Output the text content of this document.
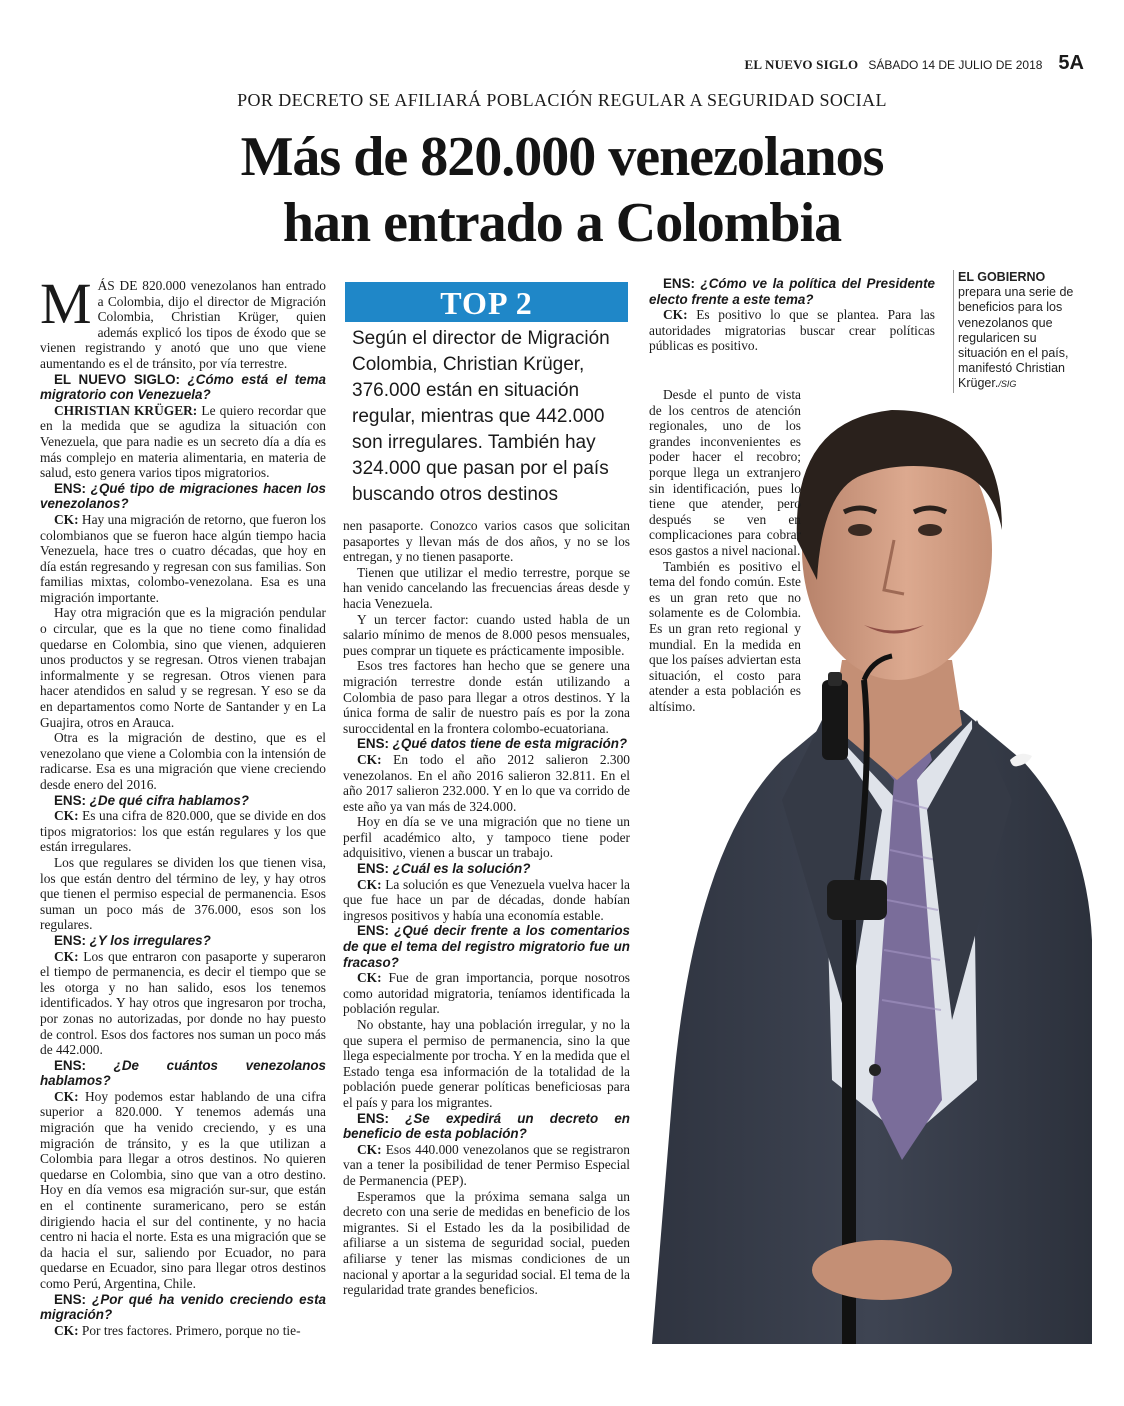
EL NUEVO SIGLO SÁBADO 14 DE JULIO DE 2018 5A
POR DECRETO SE AFILIARÁ POBLACIÓN REGULAR A SEGURIDAD SOCIAL
Más de 820.000 venezolanos
han entrado a Colombia

MÁS DE 820.000 venezolanos han entrado a Colombia, dijo el director de Migración Colombia, Christian Krüger, quien además explicó los tipos de éxodo que se vienen registrando y anotó que uno que viene aumentando es el de tránsito, por vía terrestre.

EL NUEVO SIGLO: ¿Cómo está el tema migratorio con Venezuela?

CHRISTIAN KRÜGER: Le quiero recordar que en la medida que se agudiza la situación con Venezuela, que para nadie es un secreto día a día es más complejo en materia alimentaria, en materia de salud, esto genera varios tipos migratorios.

ENS: ¿Qué tipo de migraciones hacen los venezolanos?

CK: Hay una migración de retorno, que fueron los colombianos que se fueron hace algún tiempo hacia Venezuela, hace tres o cuatro décadas, que hoy en día están regresando y regresan con sus familias. Son familias mixtas, colombo-venezolana. Esa es una migración importante.

Hay otra migración que es la migración pendular o circular, que es la que no tiene como finalidad quedarse en Colombia, sino que vienen, adquieren unos productos y se regresan. Otros vienen trabajan informalmente y se regresan. Otros vienen para hacer atendidos en salud y se regresan. Y eso se da en departamentos como Norte de Santander y en La Guajira, otros en Arauca.

Otra es la migración de destino, que es el venezolano que viene a Colombia con la intensión de radicarse. Esa es una migración que viene creciendo desde enero del 2016.

ENS: ¿De qué cifra hablamos?

CK: Es una cifra de 820.000, que se divide en dos tipos migratorios: los que están regulares y los que están irregulares.

Los que regulares se dividen los que tienen visa, los que están dentro del término de ley, y hay otros que tienen el permiso especial de permanencia. Esos suman un poco más de 376.000, esos son los regulares.

ENS: ¿Y los irregulares?

CK: Los que entraron con pasaporte y superaron el tiempo de permanencia, es decir el tiempo que se les otorga y no han salido, esos los tenemos identificados. Y hay otros que ingresaron por trocha, por zonas no autorizadas, por donde no hay puesto de control. Esos dos factores nos suman un poco más de 442.000.

ENS: ¿De cuántos venezolanos hablamos?

CK: Hoy podemos estar hablando de una cifra superior a 820.000. Y tenemos además una migración que ha venido creciendo, y es una migración de tránsito, y es la que utilizan a Colombia para llegar a otros destinos. No quieren quedarse en Colombia, sino que van a otro destino. Hoy en día vemos esa migración sur-sur, que están en el continente suramericano, pero se están dirigiendo hacia el sur del continente, y no hacia centro ni hacia el norte. Esta es una migración que se da hacia el sur, saliendo por Ecuador, no para quedarse en Ecuador, sino para llegar otros destinos como Perú, Argentina, Chile.

ENS: ¿Por qué ha venido creciendo esta migración?

CK: Por tres factores. Primero, porque no tie-

TOP 2
Según el director de Migración Colombia, Christian Krüger, 376.000 están en situación regular, mientras que 442.000 son irregulares. También hay 324.000 que pasan por el país buscando otros destinos

nen pasaporte. Conozco varios casos que solicitan pasaportes y llevan más de dos años, y no se los entregan, y no tienen pasaporte.

Tienen que utilizar el medio terrestre, porque se han venido cancelando las frecuencias áreas desde y hacia Venezuela.

Y un tercer factor: cuando usted habla de un salario mínimo de menos de 8.000 pesos mensuales, pues comprar un tiquete es prácticamente imposible.

Esos tres factores han hecho que se genere una migración terrestre donde están utilizando a Colombia de paso para llegar a otros destinos. Y la única forma de salir de nuestro país es por la zona suroccidental en la frontera colombo-ecuatoriana.

ENS: ¿Qué datos tiene de esta migración?

CK: En todo el año 2012 salieron 2.300 venezolanos. En el año 2016 salieron 32.811. En el año 2017 salieron 232.000. Y en lo que va corrido de este año ya van más de 324.000.

Hoy en día se ve una migración que no tiene un perfil académico alto, y tampoco tiene poder adquisitivo, vienen a buscar un trabajo.

ENS: ¿Cuál es la solución?

CK: La solución es que Venezuela vuelva hacer la que fue hace un par de décadas, donde habían ingresos positivos y había una economía estable.

ENS: ¿Qué decir frente a los comentarios de que el tema del registro migratorio fue un fracaso?

CK: Fue de gran importancia, porque nosotros como autoridad migratoria, teníamos identificada la población regular.

No obstante, hay una población irregular, y no la que supera el permiso de permanencia, sino la que llega especialmente por trocha. Y en la medida que el Estado tenga esa información de la totalidad de la población puede generar políticas beneficiosas para el país y para los migrantes.

ENS: ¿Se expedirá un decreto en beneficio de esta población?

CK: Esos 440.000 venezolanos que se registraron van a tener la posibilidad de tener Permiso Especial de Permanencia (PEP).

Esperamos que la próxima semana salga un decreto con una serie de medidas en beneficio de los migrantes. Si el Estado les da la posibilidad de afiliarse a un sistema de seguridad social, pueden afiliarse y tener las mismas condiciones de un nacional y aportar a la seguridad social. El tema de la regularidad trate grandes beneficios.

ENS: ¿Cómo ve la política del Presidente electo frente a este tema?

CK: Es positivo lo que se plantea. Para las autoridades migratorias buscar crear políticas públicas es positivo.

Desde el punto de vista de los centros de atención regionales, uno de los grandes inconvenientes es poder hacer el recobro; porque llega un extranjero sin identificación, pues lo tiene que atender, pero después se ven en complicaciones para cobrar esos gastos a nivel nacional.

También es positivo el tema del fondo común. Este es un gran reto que no solamente es de Colombia. Es un gran reto regional y mundial. En la medida en que los países adviertan esta situación, el costo para atender a esta población es altísimo.

EL GOBIERNO prepara una serie de beneficios para los venezolanos que regularicen su situación en el país, manifestó Christian Krüger./SIG
